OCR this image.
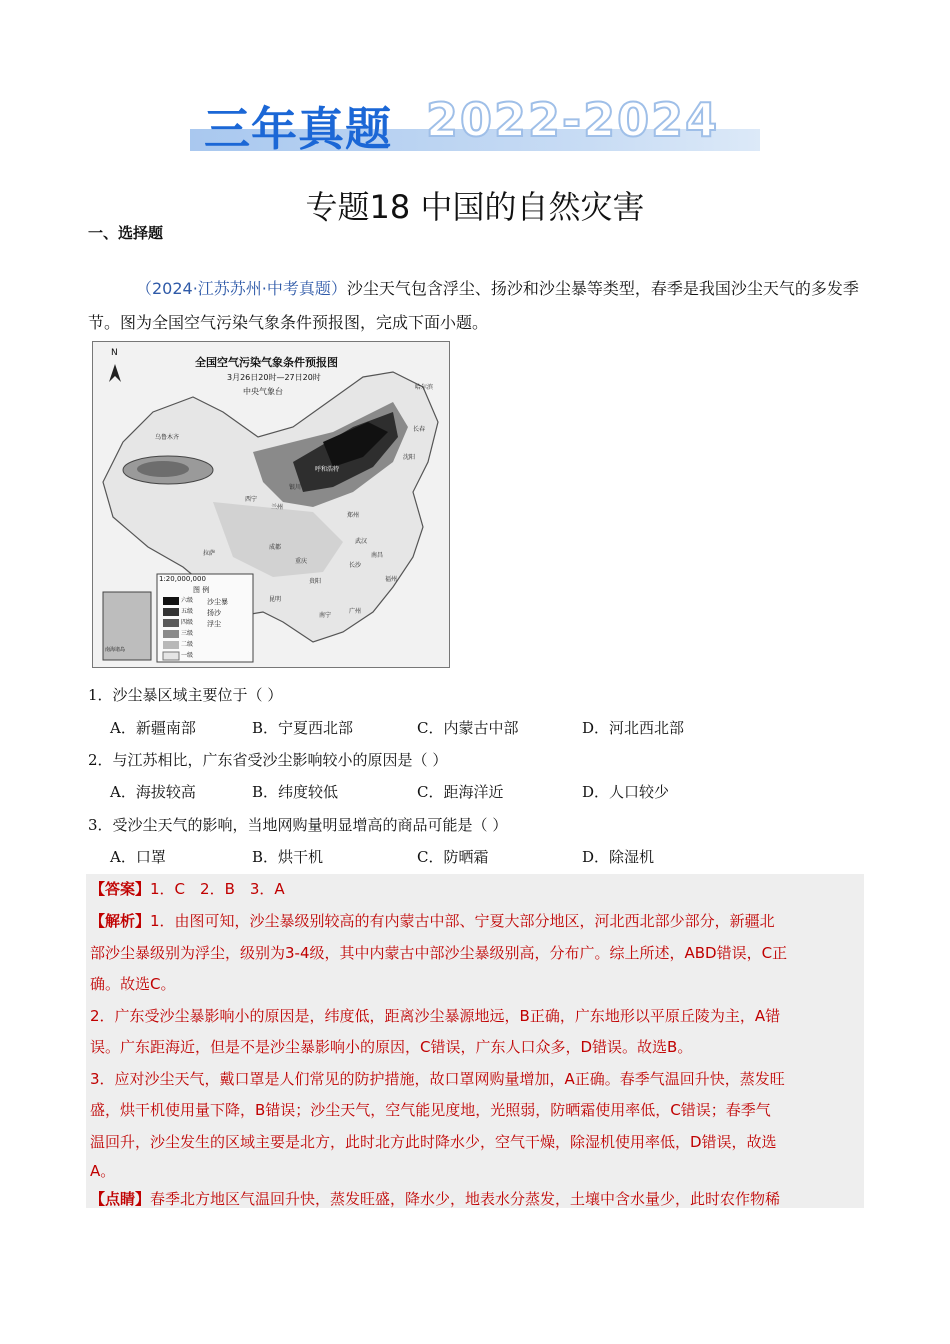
三年真题 2022-2024
专题18 中国的自然灾害
一、选择题
（2024·江苏苏州·中考真题）沙尘天气包含浮尘、扬沙和沙尘暴等类型，春季是我国沙尘天气的多发季节。图为全国空气污染气象条件预报图，完成下面小题。
全国空气污染气象条件预报图
3月26日20时—27日20时
中央气象台
N
1:20,000,000
图 例
六级
五级
四级
三级
二级
一级
沙尘暴
扬沙
浮尘
南海诸岛
乌鲁木齐
呼和浩特
哈尔滨
长春
沈阳
西宁
兰州
银川
拉萨
成都
重庆
郑州
武汉
长沙
贵阳
昆明
南宁
广州
福州
南昌
1．沙尘暴区域主要位于（ ）
A．新疆南部	B．宁夏西北部	C．内蒙古中部	D．河北西北部
2．与江苏相比，广东省受沙尘影响较小的原因是（ ）
A．海拔较高	B．纬度较低	C．距海洋近	D．人口较少
3．受沙尘天气的影响，当地网购量明显增高的商品可能是（ ）
A．口罩	B．烘干机	C．防晒霜	D．除湿机
【答案】1．C　2．B　3．A
【解析】1．由图可知，沙尘暴级别较高的有内蒙古中部、宁夏大部分地区，河北西北部少部分，新疆北
部沙尘暴级别为浮尘，级别为3-4级，其中内蒙古中部沙尘暴级别高，分布广。综上所述，ABD错误，C正
确。故选C。
2．广东受沙尘暴影响小的原因是，纬度低，距离沙尘暴源地远，B正确，广东地形以平原丘陵为主，A错
误。广东距海近，但是不是沙尘暴影响小的原因，C错误，广东人口众多，D错误。故选B。
3．应对沙尘天气，戴口罩是人们常见的防护措施，故口罩网购量增加，A正确。春季气温回升快，蒸发旺
盛，烘干机使用量下降，B错误；沙尘天气，空气能见度地，光照弱，防晒霜使用率低，C错误；春季气
温回升，沙尘发生的区域主要是北方，此时北方此时降水少，空气干燥，除湿机使用率低，D错误，故选
A。
【点睛】春季北方地区气温回升快，蒸发旺盛，降水少，地表水分蒸发，土壤中含水量少，此时农作物稀
